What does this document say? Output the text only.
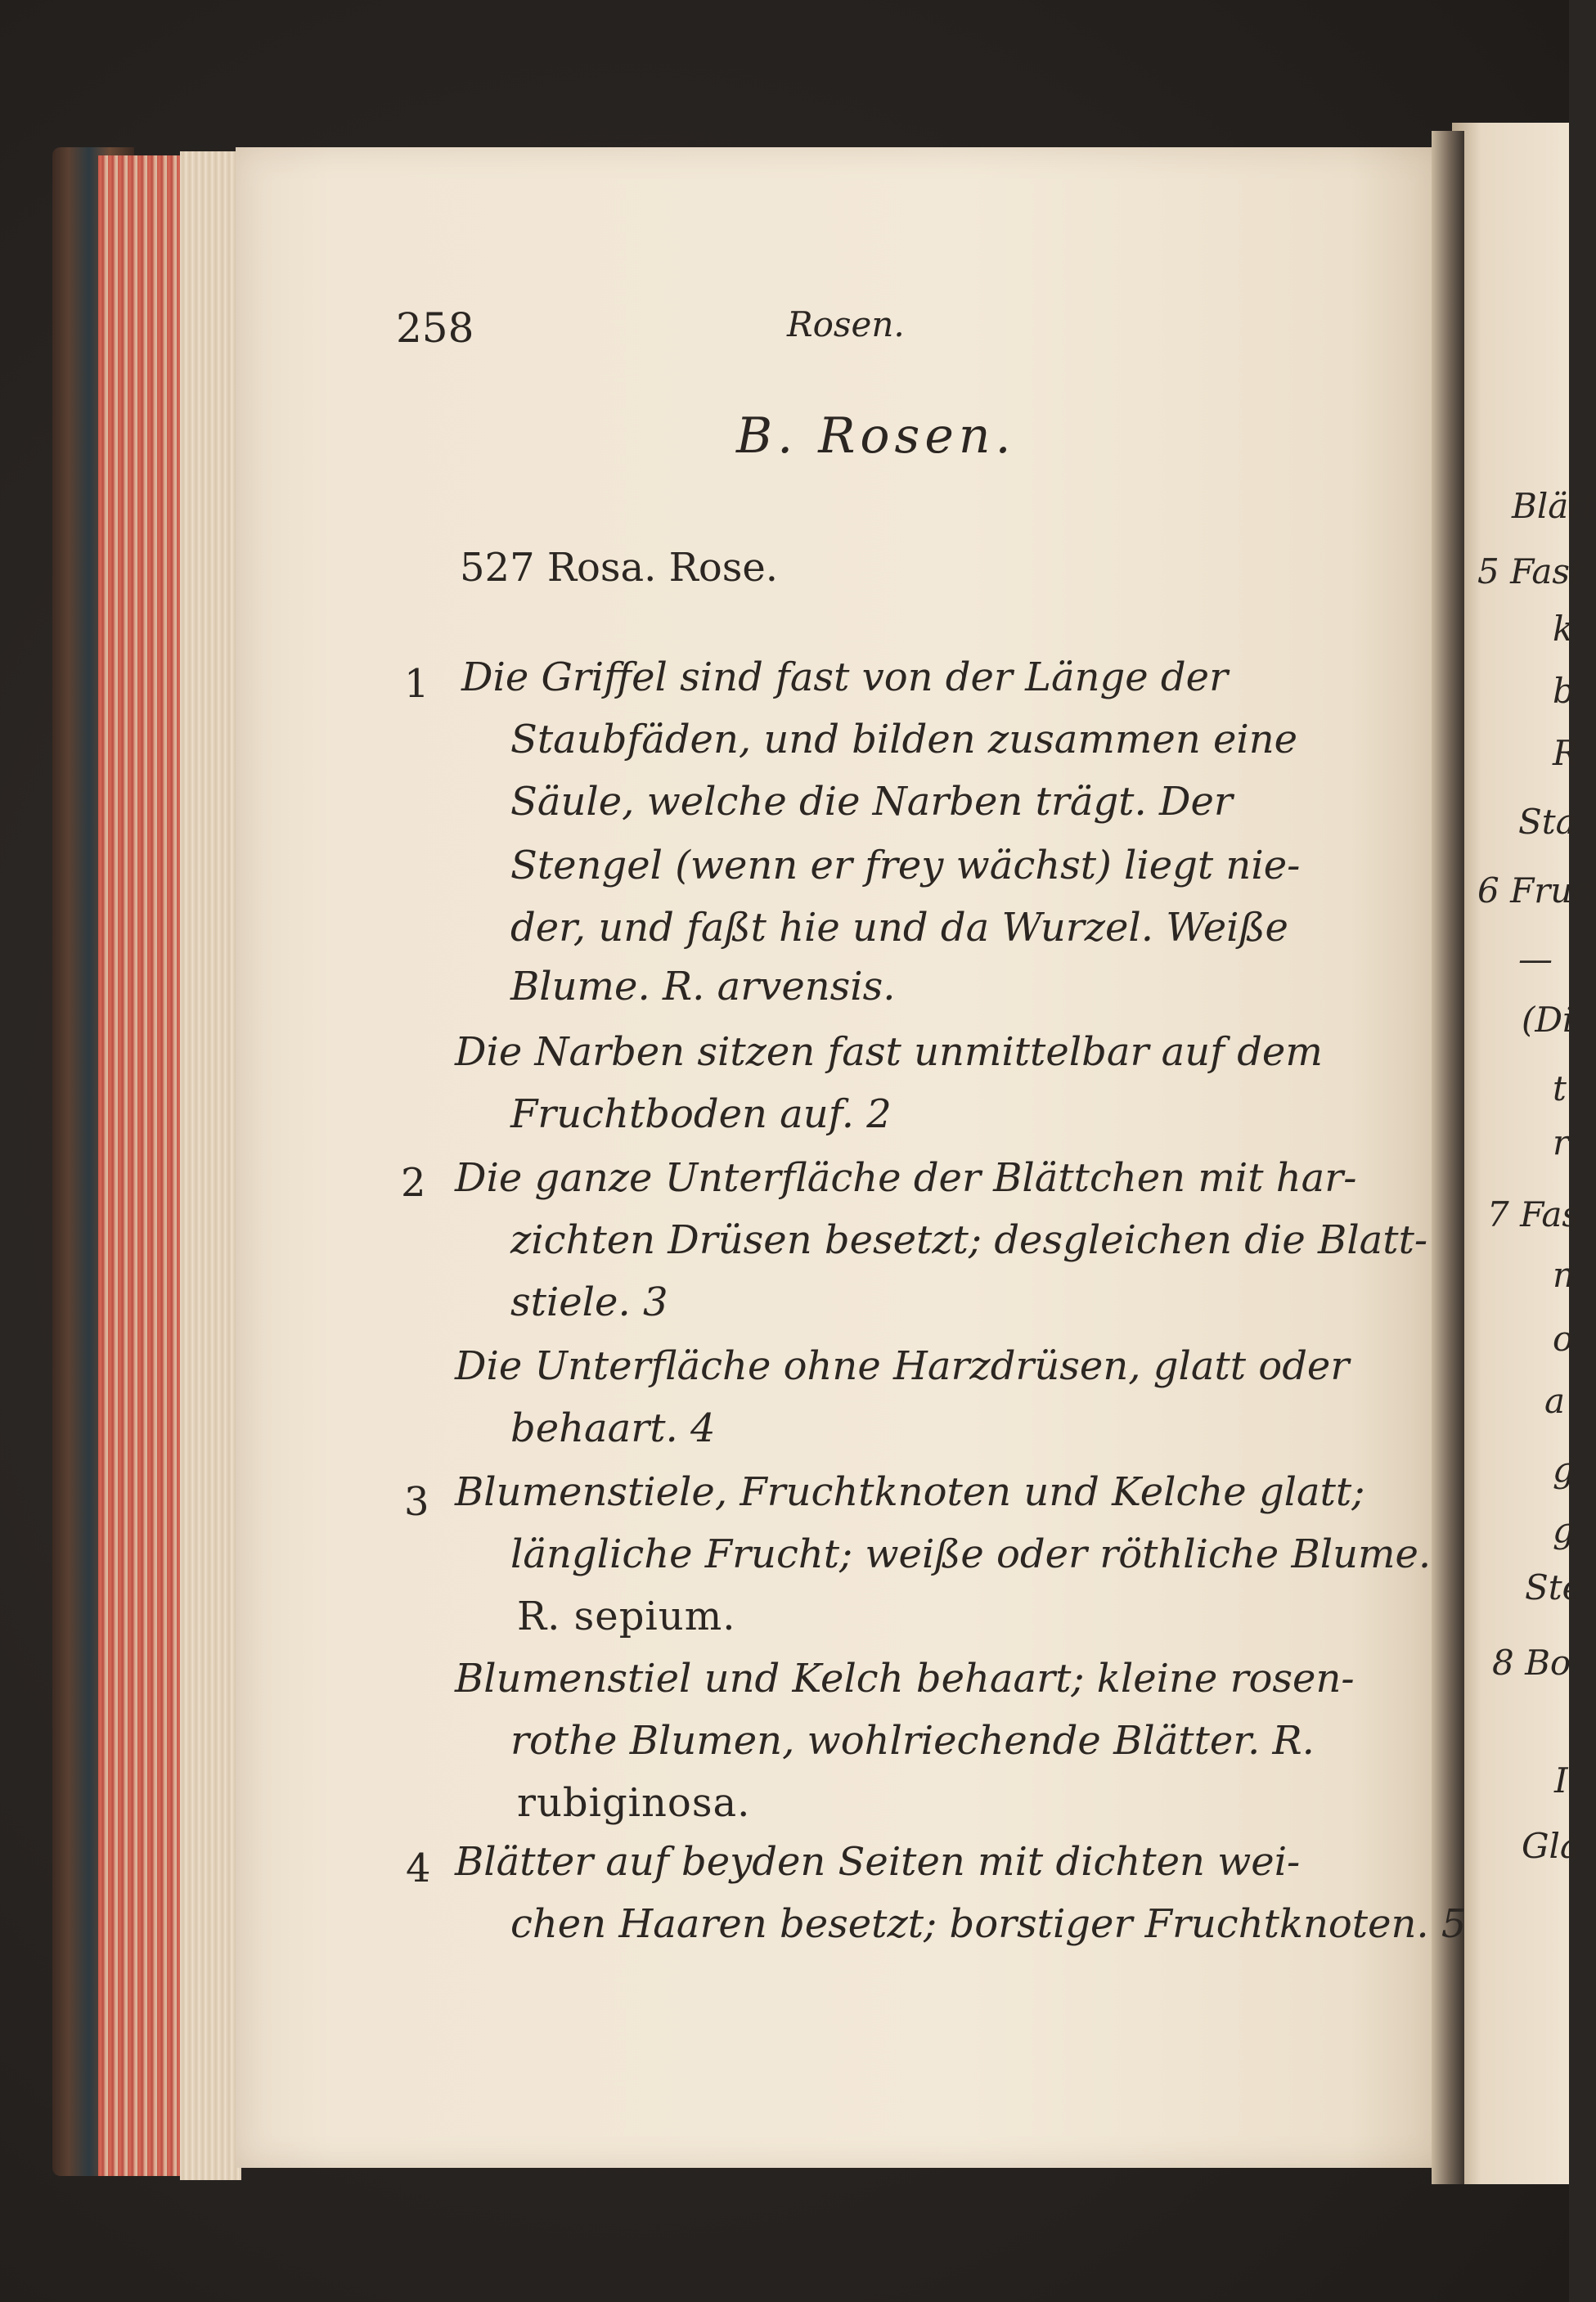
258	Rosen.
B. Rosen.
527 Rosa. Rose.
1 Die Griffel sind fast von der Länge der
Staubfäden, und bilden zusammen eine
Säule, welche die Narben trägt. Der
Stengel (wenn er frey wächst) liegt nie-
der, und faßt hie und da Wurzel. Weiße
Blume. R. arvensis.
Die Narben sitzen fast unmittelbar auf dem
Fruchtboden auf. 2
2 Die ganze Unterfläche der Blättchen mit har-
zichten Drüsen besetzt; desgleichen die Blatt-
stiele. 3
Die Unterfläche ohne Harzdrüsen, glatt oder
behaart. 4
3 Blumenstiele, Fruchtknoten und Kelche glatt;
längliche Frucht; weiße oder röthliche Blume.
R. sepium.
Blumenstiel und Kelch behaart; kleine rosen-
rothe Blumen, wohlriechende Blätter. R.
rubiginosa.
4 Blätter auf beyden Seiten mit dichten wei-
chen Haaren besetzt; borstiger Fruchtknoten. 5
Blätt
5 Fast
k
b
R
Sta
6 Fruc
—
(Di
t
r
7 Fas
n
o
a
g
g
Ste
8 Bo
I
Gla
